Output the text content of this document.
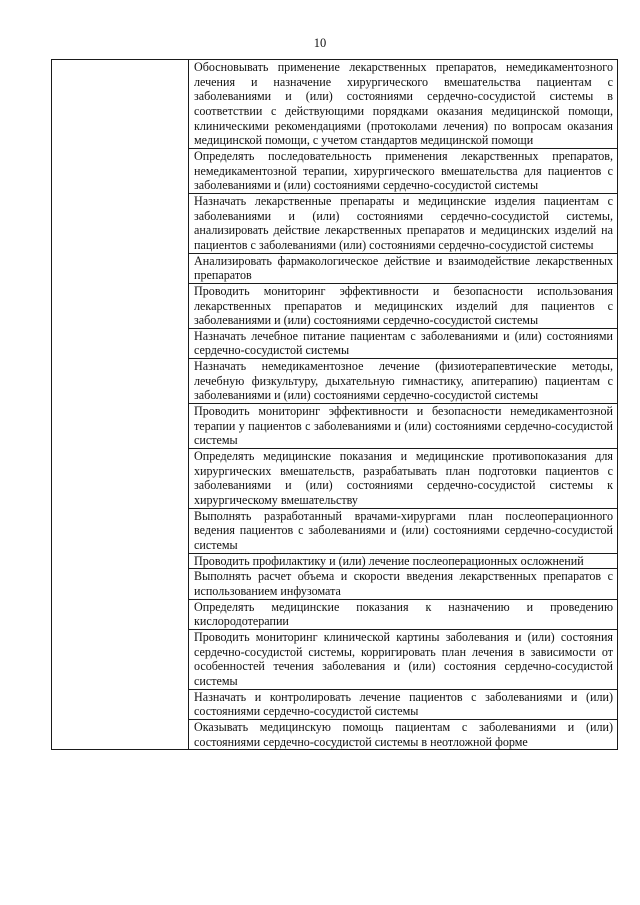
10

Обосновывать применение лекарственных препаратов, немедикаментозного лечения и назначение хирургического вмешательства пациентам с заболеваниями и (или) состояниями сердечно-сосудистой системы в соответствии с действующими порядками оказания медицинской помощи, клиническими рекомендациями (протоколами лечения) по вопросам оказания медицинской помощи, с учетом стандартов медицинской помощи

Определять последовательность применения лекарственных препаратов, немедикаментозной терапии, хирургического вмешательства для пациентов с заболеваниями и (или) состояниями сердечно-сосудистой системы

Назначать лекарственные препараты и медицинские изделия пациентам с заболеваниями и (или) состояниями сердечно-сосудистой системы, анализировать действие лекарственных препаратов и медицинских изделий на пациентов с заболеваниями (или) состояниями сердечно-сосудистой системы

Анализировать фармакологическое действие и взаимодействие лекарственных препаратов

Проводить мониторинг эффективности и безопасности использования лекарственных препаратов и медицинских изделий для пациентов с заболеваниями и (или) состояниями сердечно-сосудистой системы

Назначать лечебное питание пациентам с заболеваниями и (или) состояниями сердечно-сосудистой системы

Назначать немедикаментозное лечение (физиотерапевтические методы, лечебную физкультуру, дыхательную гимнастику, апитерапию) пациентам с заболеваниями и (или) состояниями сердечно-сосудистой системы

Проводить мониторинг эффективности и безопасности немедикаментозной терапии у пациентов с заболеваниями и (или) состояниями сердечно-сосудистой системы

Определять медицинские показания и медицинские противопоказания для хирургических вмешательств, разрабатывать план подготовки пациентов с заболеваниями и (или) состояниями сердечно-сосудистой системы к хирургическому вмешательству

Выполнять разработанный врачами-хирургами план послеоперационного ведения пациентов с заболеваниями и (или) состояниями сердечно-сосудистой системы

Проводить профилактику и (или) лечение послеоперационных осложнений

Выполнять расчет объема и скорости введения лекарственных препаратов с использованием инфузомата

Определять медицинские показания к назначению и проведению кислородотерапии

Проводить мониторинг клинической картины заболевания и (или) состояния сердечно-сосудистой системы, корригировать план лечения в зависимости от особенностей течения заболевания и (или) состояния сердечно-сосудистой системы

Назначать и контролировать лечение пациентов с заболеваниями и (или) состояниями сердечно-сосудистой системы

Оказывать медицинскую помощь пациентам с заболеваниями и (или) состояниями сердечно-сосудистой системы в неотложной форме
